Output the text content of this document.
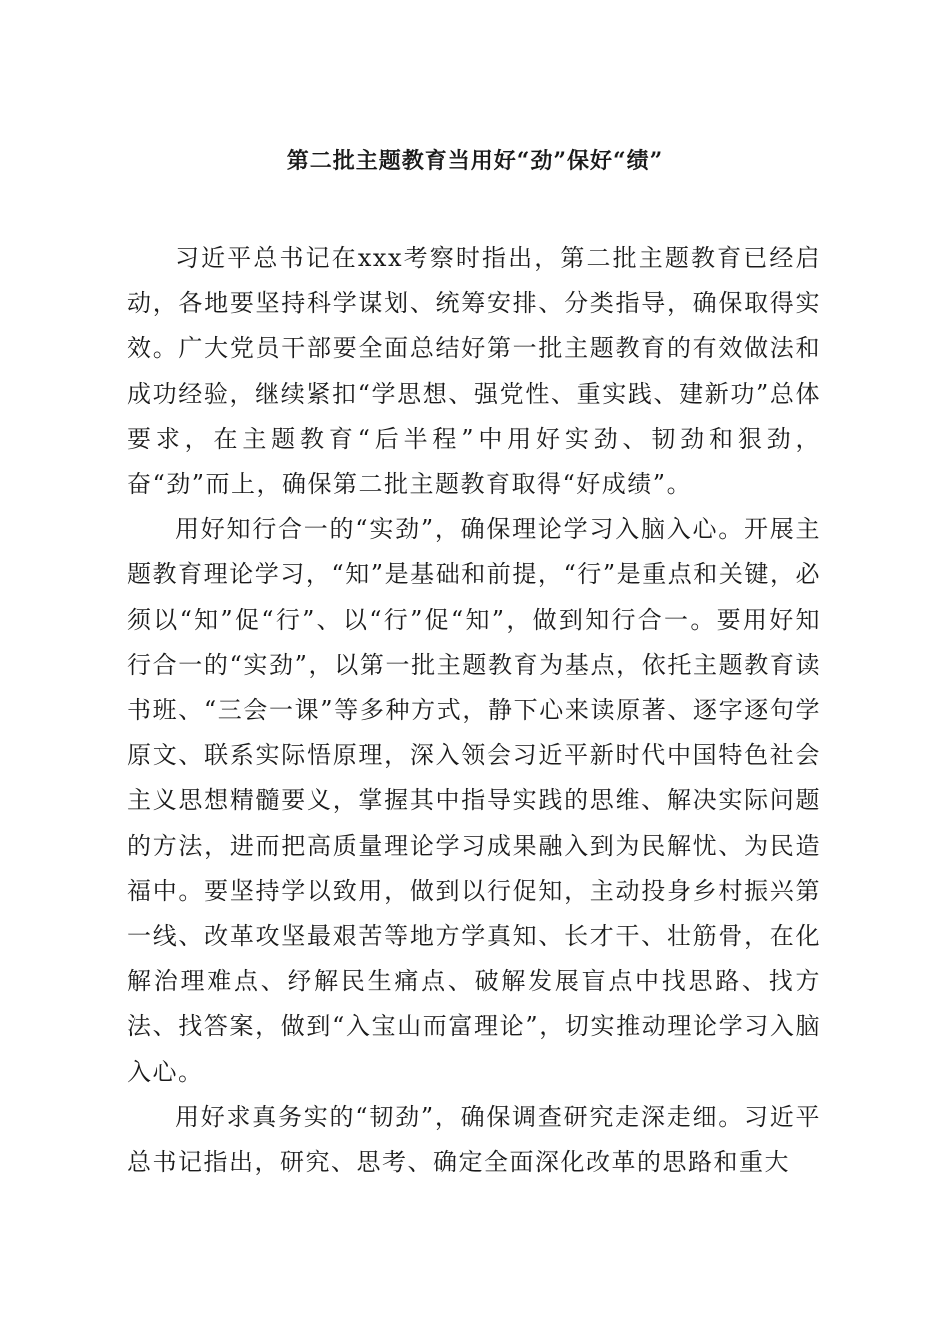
第二批主题教育当用好“劲”保好“绩”

习近平总书记在xxx考察时指出，第二批主题教育已经启动，各地要坚持科学谋划、统筹安排、分类指导，确保取得实效。广大党员干部要全面总结好第一批主题教育的有效做法和成功经验，继续紧扣“学思想、强党性、重实践、建新功”总体要求，在主题教育“后半程”中用好实劲、韧劲和狠劲，奋“劲”而上，确保第二批主题教育取得“好成绩”。

用好知行合一的“实劲”，确保理论学习入脑入心。开展主题教育理论学习，“知”是基础和前提，“行”是重点和关键，必须以“知”促“行”、以“行”促“知”，做到知行合一。要用好知行合一的“实劲”，以第一批主题教育为基点，依托主题教育读书班、“三会一课”等多种方式，静下心来读原著、逐字逐句学原文、联系实际悟原理，深入领会习近平新时代中国特色社会主义思想精髓要义，掌握其中指导实践的思维、解决实际问题的方法，进而把高质量理论学习成果融入到为民解忧、为民造福中。要坚持学以致用，做到以行促知，主动投身乡村振兴第一线、改革攻坚最艰苦等地方学真知、长才干、壮筋骨，在化解治理难点、纾解民生痛点、破解发展盲点中找思路、找方法、找答案，做到“入宝山而富理论”，切实推动理论学习入脑入心。

用好求真务实的“韧劲”，确保调查研究走深走细。习近平总书记指出，研究、思考、确定全面深化改革的思路和重大
